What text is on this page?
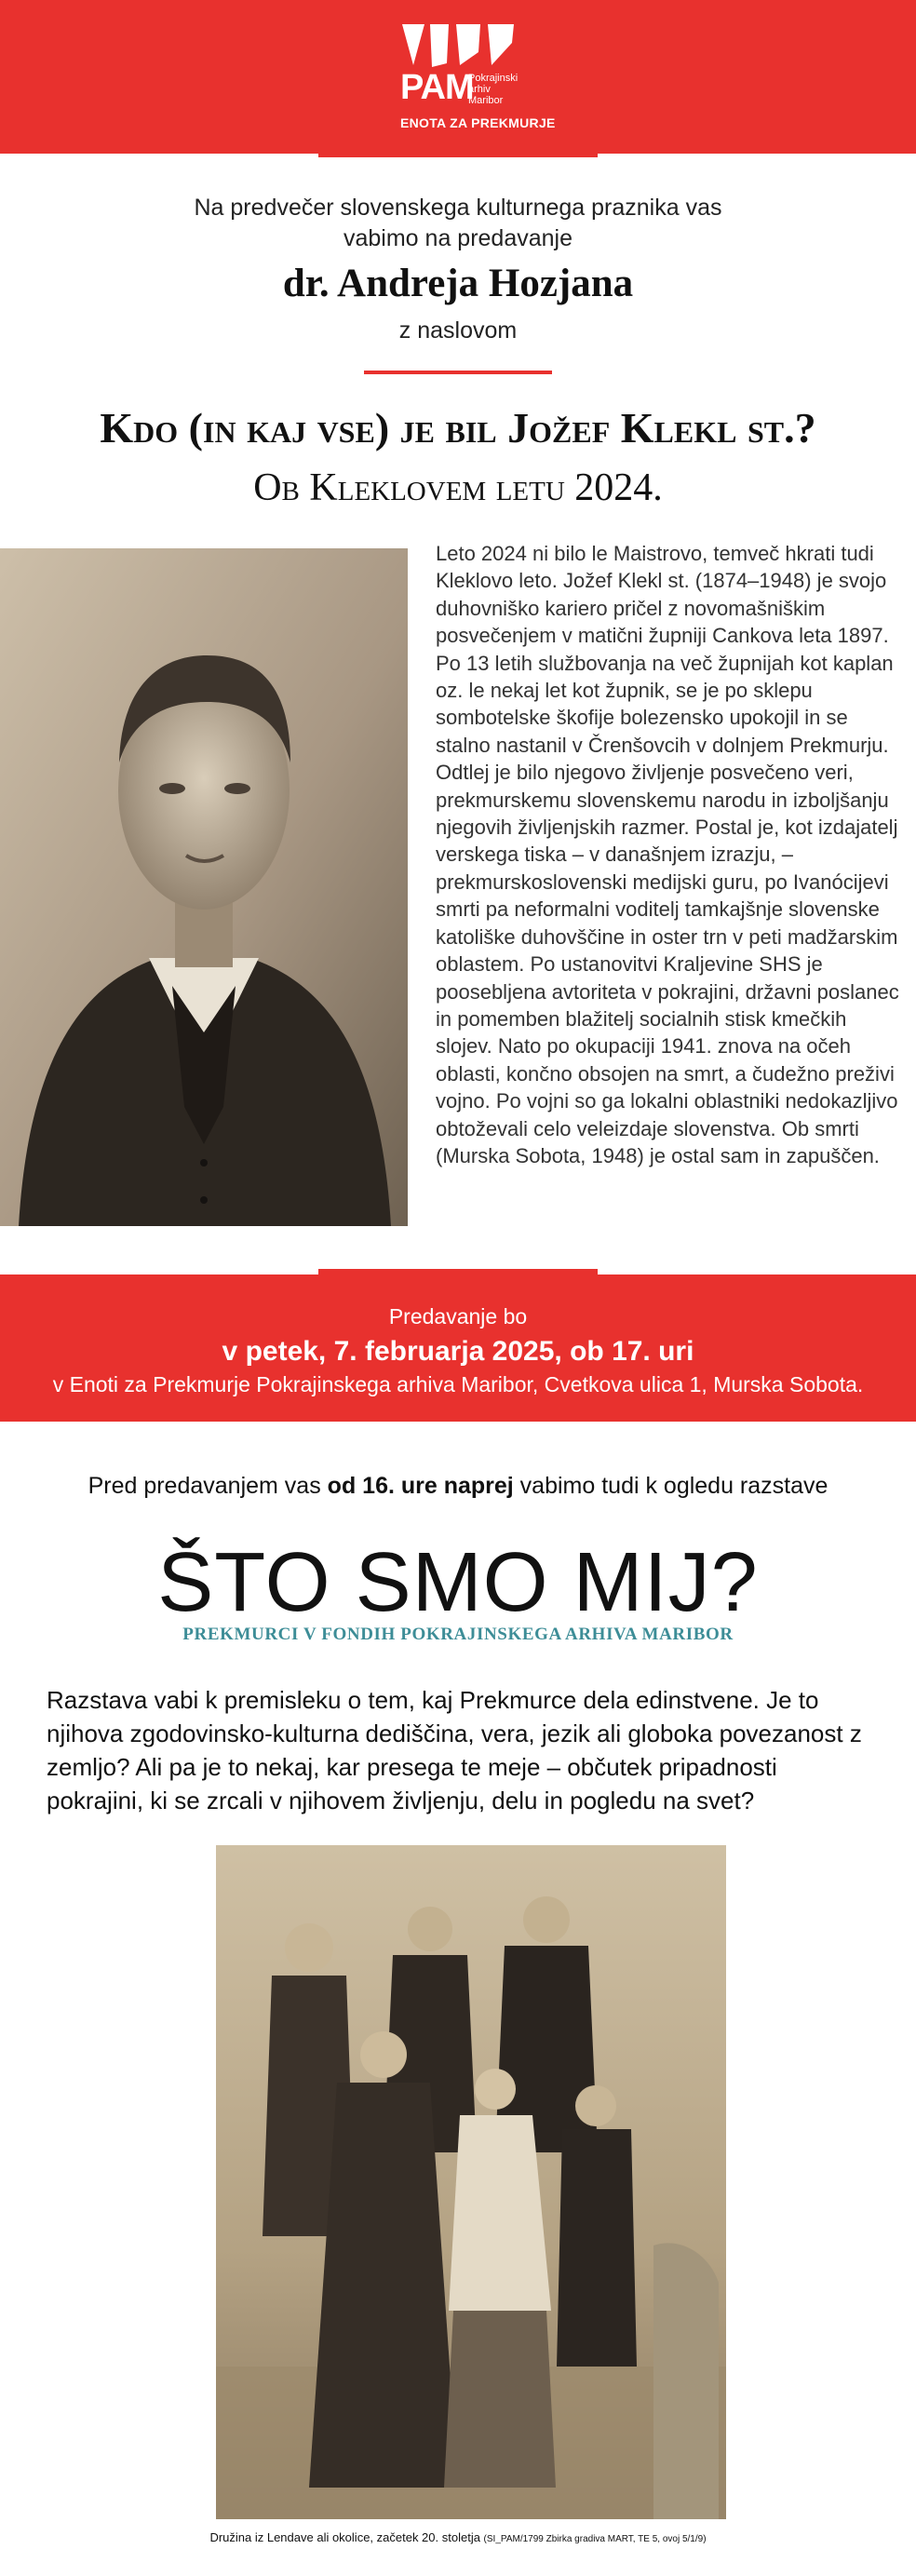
PAM
Pokrajinski
arhiv
Maribor
ENOTA ZA PREKMURJE
Na predvečer slovenskega kulturnega praznika vas
vabimo na predavanje
dr. Andreja Hozjana
z naslovom
Kdo (in kaj vse) je bil Jožef Klekl st.?
Ob Kleklovem letu 2024.
Leto 2024 ni bilo le Maistrovo, temveč hkrati tudi Kleklovo leto. Jožef Klekl st. (1874–1948) je svojo duhovniško kariero pričel z novomašniškim posvečenjem v matični župniji Cankova leta 1897. Po 13 letih službovanja na več župnijah kot kaplan oz. le nekaj let kot župnik, se je po sklepu sombotelske škofije bolezensko upokojil in se stalno nastanil v Črenšovcih v dolnjem Prekmurju. Odtlej je bilo njegovo življenje posvečeno veri, prekmurskemu slovenskemu narodu in izboljšanju njegovih življenjskih razmer. Postal je, kot izdajatelj verskega tiska – v današnjem izrazju, – prekmurskoslovenski medijski guru, po Ivanócijevi smrti pa neformalni voditelj tamkajšnje slovenske katoliške duhovščine in oster trn v peti madžarskim oblastem. Po ustanovitvi Kraljevine SHS je pooseblјena avtoriteta v pokrajini, državni poslanec in pomemben blažitelj socialnih stisk kmečkih slojev. Nato po okupaciji 1941. znova na očeh oblasti, končno obsojen na smrt, a čudežno preživi vojno. Po vojni so ga lokalni oblastniki nedokazljivo obtoževali celo veleizdaje slovenstva. Ob smrti (Murska Sobota, 1948) je ostal sam in zapuščen.
Predavanje bo
v petek, 7. februarja 2025, ob 17. uri
v Enoti za Prekmurje Pokrajinskega arhiva Maribor, Cvetkova ulica 1, Murska Sobota.
Pred predavanjem vas od 16. ure naprej vabimo tudi k ogledu razstave
ŠTO SMO MIJ?
PREKMURCI V FONDIH POKRAJINSKEGA ARHIVA MARIBOR
Razstava vabi k premisleku o tem, kaj Prekmurce dela edinstvene. Je to njihova zgodovinsko-kulturna dediščina, vera, jezik ali globoka povezanost z zemljo? Ali pa je to nekaj, kar presega te meje – občutek pripadnosti pokrajini, ki se zrcali v njihovem življenju, delu in pogledu na svet?
Družina iz Lendave ali okolice, začetek 20. stoletja (SI_PAM/1799 Zbirka gradiva MART, TE 5, ovoj 5/1/9)
